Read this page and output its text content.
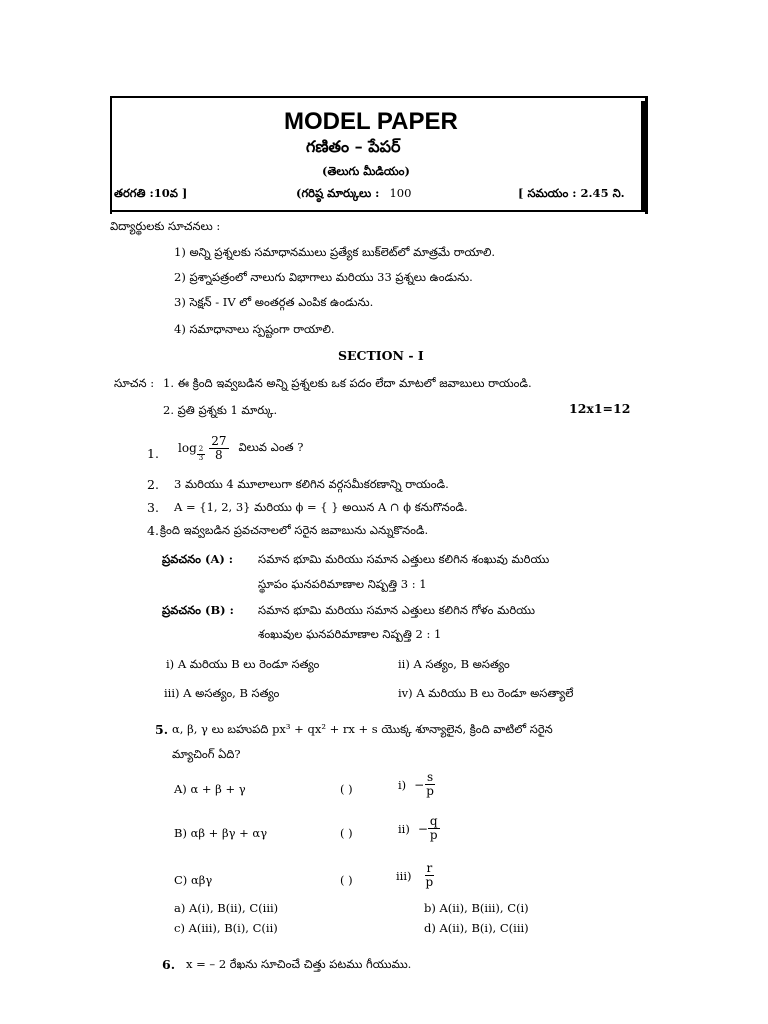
MODEL PAPER
గణితం – పేపర్
(తెలుగు మీడియం)
తరగతి :10వ ]	(గరిష్ఠ మార్కులు : 100	[ సమయం : 2.45 ని.
విద్యార్థులకు సూచనలు :
1) అన్ని ప్రశ్నలకు సమాధానములు ప్రత్యేక బుక్‌లెట్‌లో మాత్రమే రాయాలి.
2) ప్రశ్నాపత్రంలో నాలుగు విభాగాలు మరియు 33 ప్రశ్నలు ఉండును.
3) సెక్షన్ - IV లో అంతర్గత ఎంపిక ఉండును.
4) సమాధానాలు స్పష్టంగా రాయాలి.
SECTION - I
సూచన : 1. ఈ క్రింది ఇవ్వబడిన అన్ని ప్రశ్నలకు ఒక పదం లేదా మాటలో జవాబులు రాయండి.
2. ప్రతి ప్రశ్నకు 1 మార్కు.	12x1=12
1. $\log \frac{2}{3} \frac{27}{8}$ విలువ ఎంత ?
2. 3 మరియు 4 మూలాలుగా కలిగిన వర్గసమీకరణాన్ని రాయండి.
3. A = {1, 2, 3} మరియు ϕ = { } అయిన A ∩ ϕ కనుగొనండి.
4. క్రింది ఇవ్వబడిన ప్రవచనాలలో సరైన జవాబును ఎన్నుకొనండి.
ప్రవచనం (A) : సమాన భూమి మరియు సమాన ఎత్తులు కలిగిన శంఖువు మరియు
స్థూపం ఘనపరిమాణాల నిష్పత్తి 3 : 1
ప్రవచనం (B) : సమాన భూమి మరియు సమాన ఎత్తులు కలిగిన గోళం మరియు
శంఖువుల ఘనపరిమాణాల నిష్పత్తి 2 : 1
i) A మరియు B లు రెండూ సత్యం	ii) A సత్యం, B అసత్యం
iii) A అసత్యం, B సత్యం	iv) A మరియు B లు రెండూ అసత్యాలే
5. α, β, γ లు బహుపది px³ + qx² + rx + s యొక్క శూన్యాలైన, క్రింది వాటిలో సరైన
మ్యాచింగ్ ఏది?
A) α + β + γ	( )	$i) - \frac{s}{p}$
B) αβ + βγ + αγ	( )	$ii) - \frac{q}{p}$
C) αβγ	( )	$iii) \frac{r}{p}$
a) A(i), B(ii), C(iii)	b) A(ii), B(iii), C(i)
c) A(iii), B(i), C(ii)	d) A(ii), B(i), C(iii)
6. x = – 2 రేఖను సూచించే చిత్తు పటము గీయుము.
